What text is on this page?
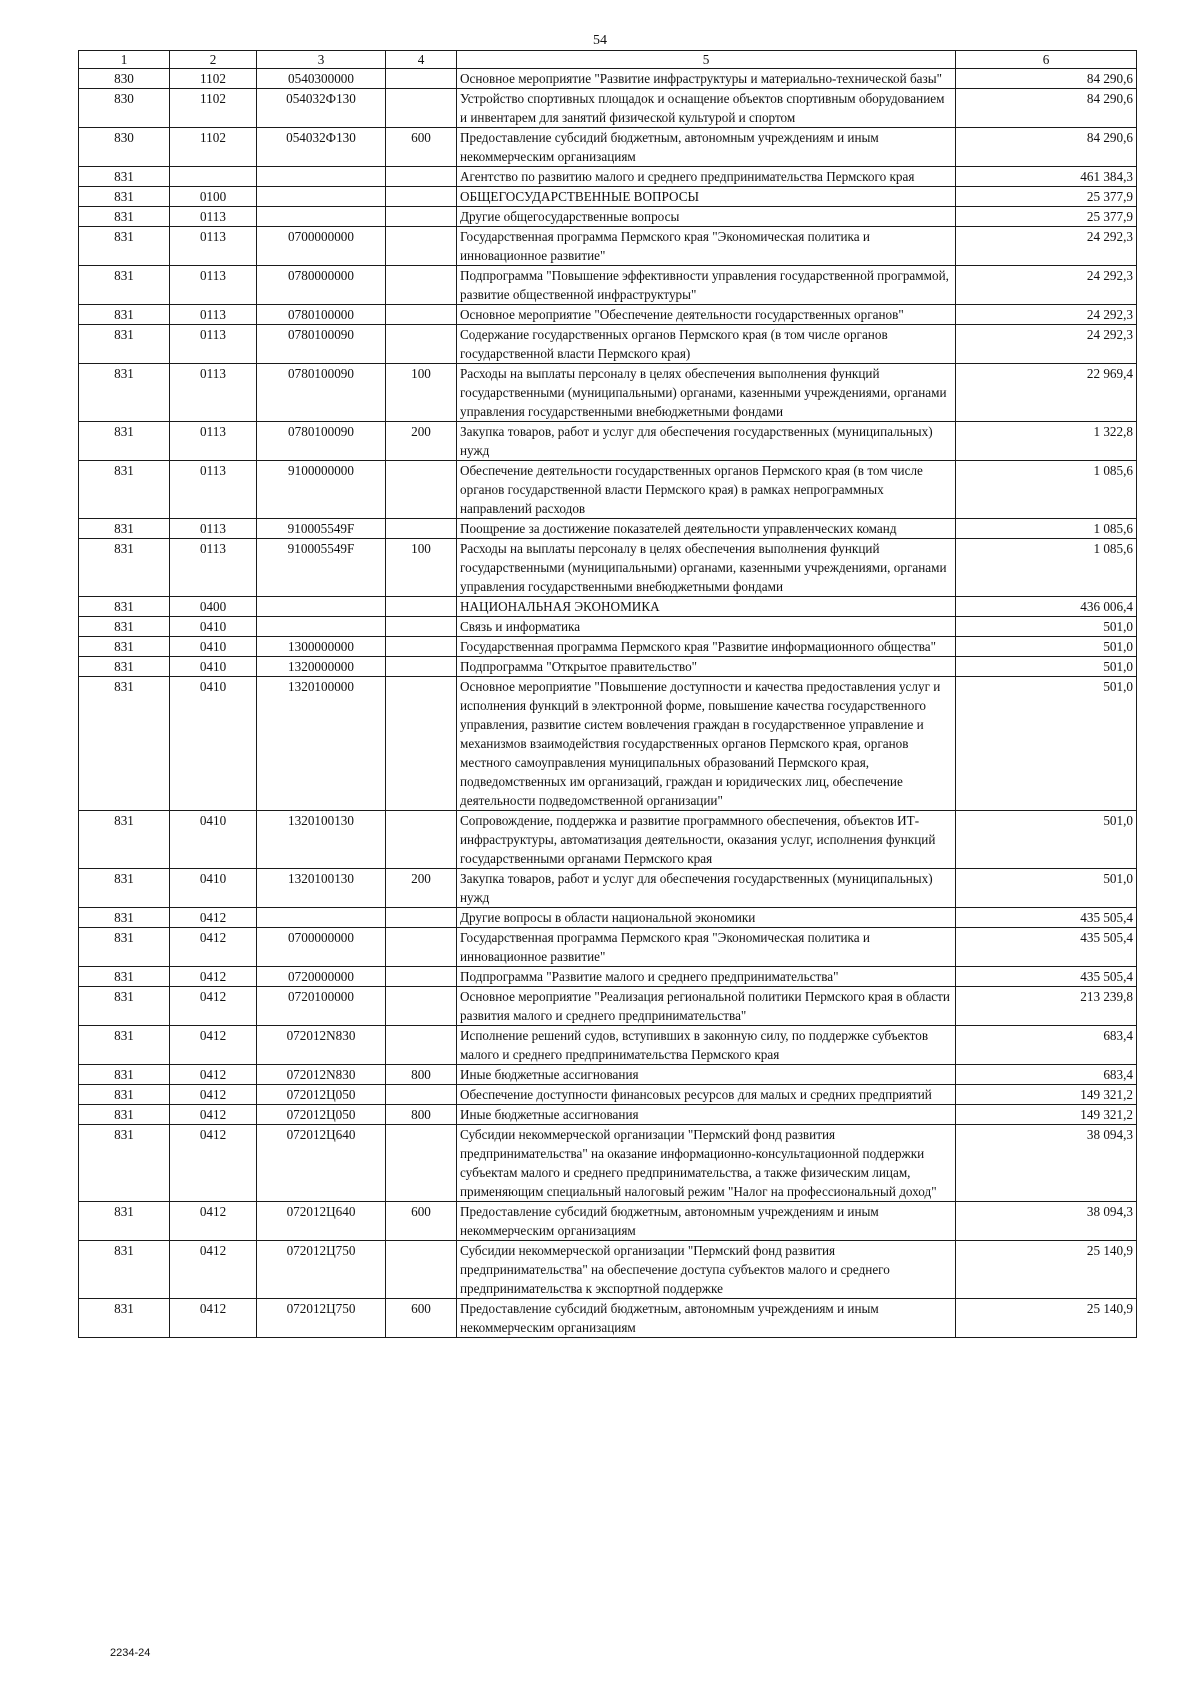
54
1	2	3	4	5	6
830	1102	0540300000		Основное мероприятие "Развитие инфраструктуры и материально-технической базы"	84 290,6
830	1102	054032Ф130		Устройство спортивных площадок и оснащение объектов спортивным оборудованием и инвентарем для занятий физической культурой и спортом	84 290,6
830	1102	054032Ф130	600	Предоставление субсидий бюджетным, автономным учреждениям и иным некоммерческим организациям	84 290,6
831				Агентство по развитию малого и среднего предпринимательства Пермского края	461 384,3
831	0100			ОБЩЕГОСУДАРСТВЕННЫЕ ВОПРОСЫ	25 377,9
831	0113			Другие общегосударственные вопросы	25 377,9
831	0113	0700000000		Государственная программа Пермского края "Экономическая политика и инновационное развитие"	24 292,3
831	0113	0780000000		Подпрограмма "Повышение эффективности управления государственной программой, развитие общественной инфраструктуры"	24 292,3
831	0113	0780100000		Основное мероприятие "Обеспечение деятельности государственных органов"	24 292,3
831	0113	0780100090		Содержание государственных органов Пермского края (в том числе органов государственной власти Пермского края)	24 292,3
831	0113	0780100090	100	Расходы на выплаты персоналу в целях обеспечения выполнения функций государственными (муниципальными) органами, казенными учреждениями, органами управления государственными внебюджетными фондами	22 969,4
831	0113	0780100090	200	Закупка товаров, работ и услуг для обеспечения государственных (муниципальных) нужд	1 322,8
831	0113	9100000000		Обеспечение деятельности государственных органов Пермского края (в том числе органов государственной власти Пермского края) в рамках непрограммных направлений расходов	1 085,6
831	0113	910005549F		Поощрение за достижение показателей деятельности управленческих команд	1 085,6
831	0113	910005549F	100	Расходы на выплаты персоналу в целях обеспечения выполнения функций государственными (муниципальными) органами, казенными учреждениями, органами управления государственными внебюджетными фондами	1 085,6
831	0400			НАЦИОНАЛЬНАЯ ЭКОНОМИКА	436 006,4
831	0410			Связь и информатика	501,0
831	0410	1300000000		Государственная программа Пермского края "Развитие информационного общества"	501,0
831	0410	1320000000		Подпрограмма "Открытое правительство"	501,0
831	0410	1320100000		Основное мероприятие "Повышение доступности и качества предоставления услуг и исполнения функций в электронной форме, повышение качества государственного управления, развитие систем вовлечения граждан в государственное управление и механизмов взаимодействия государственных органов Пермского края, органов местного самоуправления муниципальных образований Пермского края, подведомственных им организаций, граждан и юридических лиц, обеспечение деятельности подведомственной организации"	501,0
831	0410	1320100130		Сопровождение, поддержка и развитие программного обеспечения, объектов ИТ-инфраструктуры, автоматизация деятельности, оказания услуг, исполнения функций государственными органами Пермского края	501,0
831	0410	1320100130	200	Закупка товаров, работ и услуг для обеспечения государственных (муниципальных) нужд	501,0
831	0412			Другие вопросы в области национальной экономики	435 505,4
831	0412	0700000000		Государственная программа Пермского края "Экономическая политика и инновационное развитие"	435 505,4
831	0412	0720000000		Подпрограмма "Развитие малого и среднего предпринимательства"	435 505,4
831	0412	0720100000		Основное мероприятие "Реализация региональной политики Пермского края в области развития малого и среднего предпринимательства"	213 239,8
831	0412	072012N830		Исполнение решений судов, вступивших в законную силу, по поддержке субъектов малого и среднего предпринимательства Пермского края	683,4
831	0412	072012N830	800	Иные бюджетные ассигнования	683,4
831	0412	072012Ц050		Обеспечение доступности финансовых ресурсов для малых и средних предприятий	149 321,2
831	0412	072012Ц050	800	Иные бюджетные ассигнования	149 321,2
831	0412	072012Ц640		Субсидии некоммерческой организации "Пермский фонд развития предпринимательства" на оказание информационно-консультационной поддержки субъектам малого и среднего предпринимательства, а также физическим лицам, применяющим специальный налоговый режим "Налог на профессиональный доход"	38 094,3
831	0412	072012Ц640	600	Предоставление субсидий бюджетным, автономным учреждениям и иным некоммерческим организациям	38 094,3
831	0412	072012Ц750		Субсидии некоммерческой организации "Пермский фонд развития предпринимательства" на обеспечение доступа субъектов малого и среднего предпринимательства к экспортной поддержке	25 140,9
831	0412	072012Ц750	600	Предоставление субсидий бюджетным, автономным учреждениям и иным некоммерческим организациям	25 140,9
2234-24
